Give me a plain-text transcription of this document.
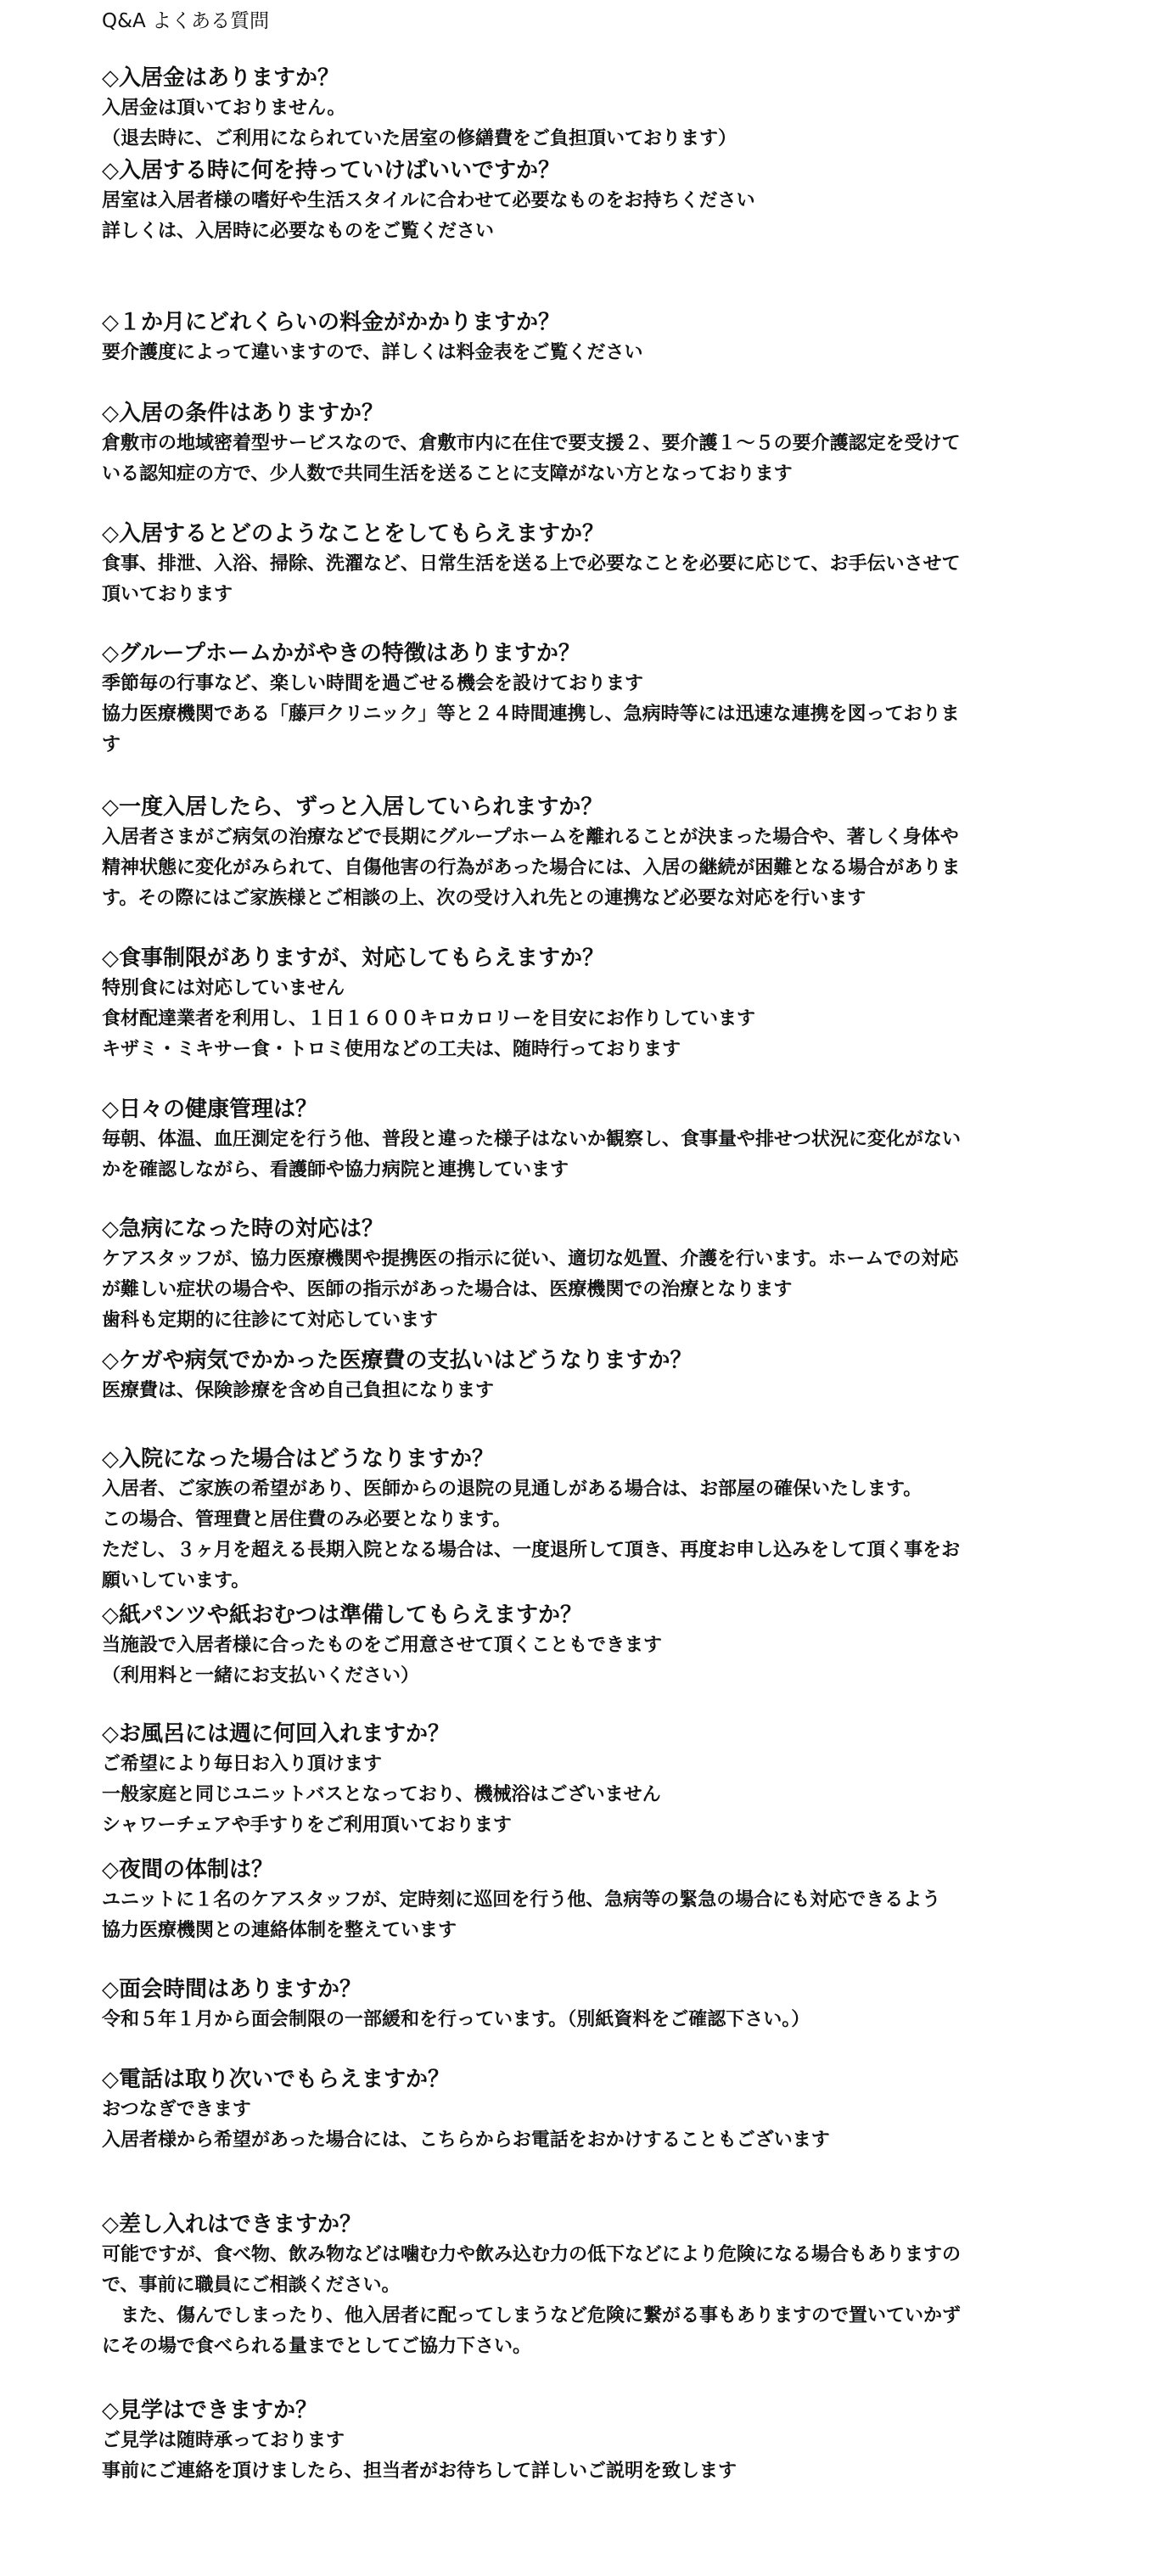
Q&A よくある質問
◇入居金はありますか？
入居金は頂いておりません。
（退去時に、ご利用になられていた居室の修繕費をご負担頂いております）
◇入居する時に何を持っていけばいいですか？
居室は入居者様の嗜好や生活スタイルに合わせて必要なものをお持ちください
詳しくは、入居時に必要なものをご覧ください
◇１か月にどれくらいの料金がかかりますか？
要介護度によって違いますので、詳しくは料金表をご覧ください
◇入居の条件はありますか？
倉敷市の地域密着型サービスなので、倉敷市内に在住で要支援２、要介護１～５の要介護認定を受けて
いる認知症の方で、少人数で共同生活を送ることに支障がない方となっております
◇入居するとどのようなことをしてもらえますか？
食事、排泄、入浴、掃除、洗濯など、日常生活を送る上で必要なことを必要に応じて、お手伝いさせて
頂いております
◇グループホームかがやきの特徴はありますか？
季節毎の行事など、楽しい時間を過ごせる機会を設けております
協力医療機関である「藤戸クリニック」等と２４時間連携し、急病時等には迅速な連携を図っておりま
す
◇一度入居したら、ずっと入居していられますか？
入居者さまがご病気の治療などで長期にグループホームを離れることが決まった場合や、著しく身体や
精神状態に変化がみられて、自傷他害の行為があった場合には、入居の継続が困難となる場合がありま
す。その際にはご家族様とご相談の上、次の受け入れ先との連携など必要な対応を行います
◇食事制限がありますが、対応してもらえますか？
特別食には対応していません
食材配達業者を利用し、１日１６００キロカロリーを目安にお作りしています
キザミ・ミキサー食・トロミ使用などの工夫は、随時行っております
◇日々の健康管理は？
毎朝、体温、血圧測定を行う他、普段と違った様子はないか観察し、食事量や排せつ状況に変化がない
かを確認しながら、看護師や協力病院と連携しています
◇急病になった時の対応は？
ケアスタッフが、協力医療機関や提携医の指示に従い、適切な処置、介護を行います。ホームでの対応
が難しい症状の場合や、医師の指示があった場合は、医療機関での治療となります
歯科も定期的に往診にて対応しています
◇ケガや病気でかかった医療費の支払いはどうなりますか？
医療費は、保険診療を含め自己負担になります
◇入院になった場合はどうなりますか？
入居者、ご家族の希望があり、医師からの退院の見通しがある場合は、お部屋の確保いたします。
この場合、管理費と居住費のみ必要となります。
ただし、３ヶ月を超える長期入院となる場合は、一度退所して頂き、再度お申し込みをして頂く事をお
願いしています。
◇紙パンツや紙おむつは準備してもらえますか？
当施設で入居者様に合ったものをご用意させて頂くこともできます
（利用料と一緒にお支払いください）
◇お風呂には週に何回入れますか？
ご希望により毎日お入り頂けます
一般家庭と同じユニットバスとなっており、機械浴はございません
シャワーチェアや手すりをご利用頂いております
◇夜間の体制は？
ユニットに１名のケアスタッフが、定時刻に巡回を行う他、急病等の緊急の場合にも対応できるよう
協力医療機関との連絡体制を整えています
◇面会時間はありますか？
令和５年１月から面会制限の一部緩和を行っています。（別紙資料をご確認下さい。）
◇電話は取り次いでもらえますか？
おつなぎできます
入居者様から希望があった場合には、こちらからお電話をおかけすることもございます
◇差し入れはできますか？
可能ですが、食べ物、飲み物などは噛む力や飲み込む力の低下などにより危険になる場合もありますの
で、事前に職員にご相談ください。
　また、傷んでしまったり、他入居者に配ってしまうなど危険に繋がる事もありますので置いていかず
にその場で食べられる量までとしてご協力下さい。
◇見学はできますか？
ご見学は随時承っております
事前にご連絡を頂けましたら、担当者がお待ちして詳しいご説明を致します
